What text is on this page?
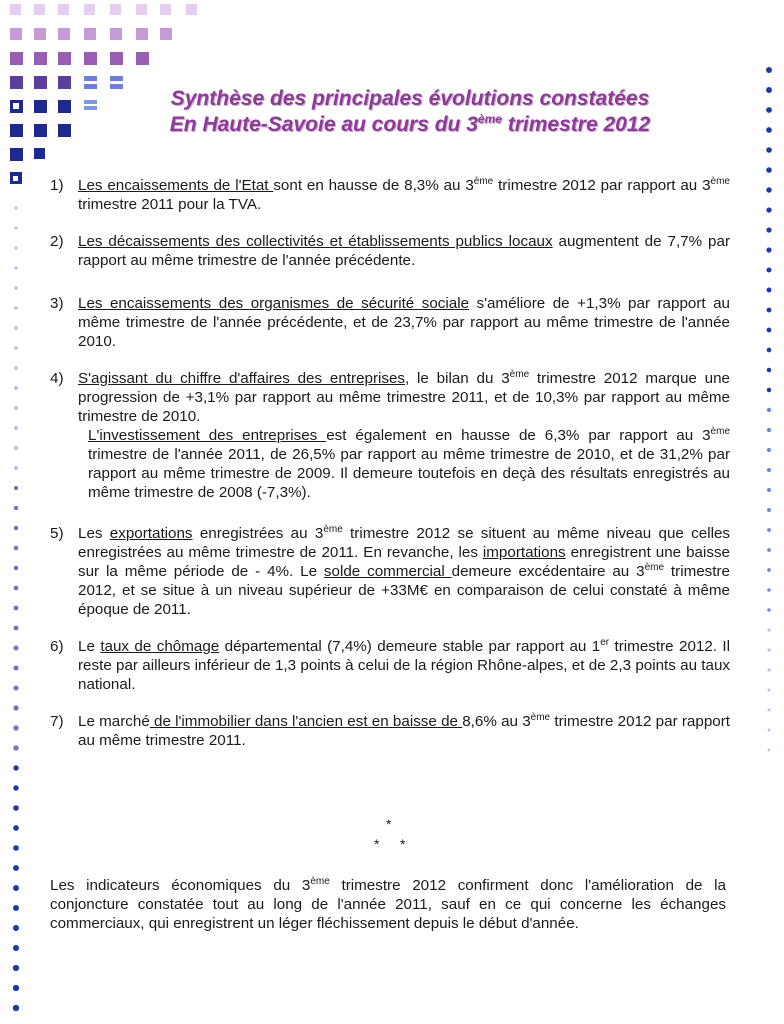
Synthèse des principales évolutions constatées
En Haute-Savoie au cours du 3ème trimestre 2012
1) Les encaissements de l'Etat sont en hausse de 8,3% au 3ème trimestre 2012 par rapport au 3ème trimestre 2011 pour la TVA.
2) Les décaissements des collectivités et établissements publics locaux augmentent de 7,7% par rapport au même trimestre de l'année précédente.
3) Les encaissements des organismes de sécurité sociale s'améliore de +1,3% par rapport au même trimestre de l'année précédente, et de 23,7% par rapport au même trimestre de l'année 2010.
4) S'agissant du chiffre d'affaires des entreprises, le bilan du 3ème trimestre 2012 marque une progression de +3,1% par rapport au même trimestre 2011, et de 10,3% par rapport au même trimestre de 2010.

L'investissement des entreprises est également en hausse de 6,3% par rapport au 3ème trimestre de l'année 2011, de 26,5% par rapport au même trimestre de 2010, et de 31,2% par rapport au même trimestre de 2009. Il demeure toutefois en deçà des résultats enregistrés au même trimestre de 2008 (-7,3%).

5) Les exportations enregistrées au 3ème trimestre 2012 se situent au même niveau que celles enregistrées au même trimestre de 2011. En revanche, les importations enregistrent une baisse sur la même période de - 4%. Le solde commercial demeure excédentaire au 3ème trimestre 2012, et se situe à un niveau supérieur de +33M€ en comparaison de celui constaté à même époque de 2011.
6) Le taux de chômage départemental (7,4%) demeure stable par rapport au 1er trimestre 2012. Il reste par ailleurs inférieur de 1,3 points à celui de la région Rhône-alpes, et de 2,3 points au taux national.
7) Le marché de l'immobilier dans l'ancien est en baisse de 8,6% au 3ème trimestre 2012 par rapport au même trimestre 2011.
*
* *
Les indicateurs économiques du 3ème trimestre 2012 confirment donc l'amélioration de la conjoncture constatée tout au long de l'année 2011, sauf en ce qui concerne les échanges commerciaux, qui enregistrent un léger fléchissement depuis le début d'année.
